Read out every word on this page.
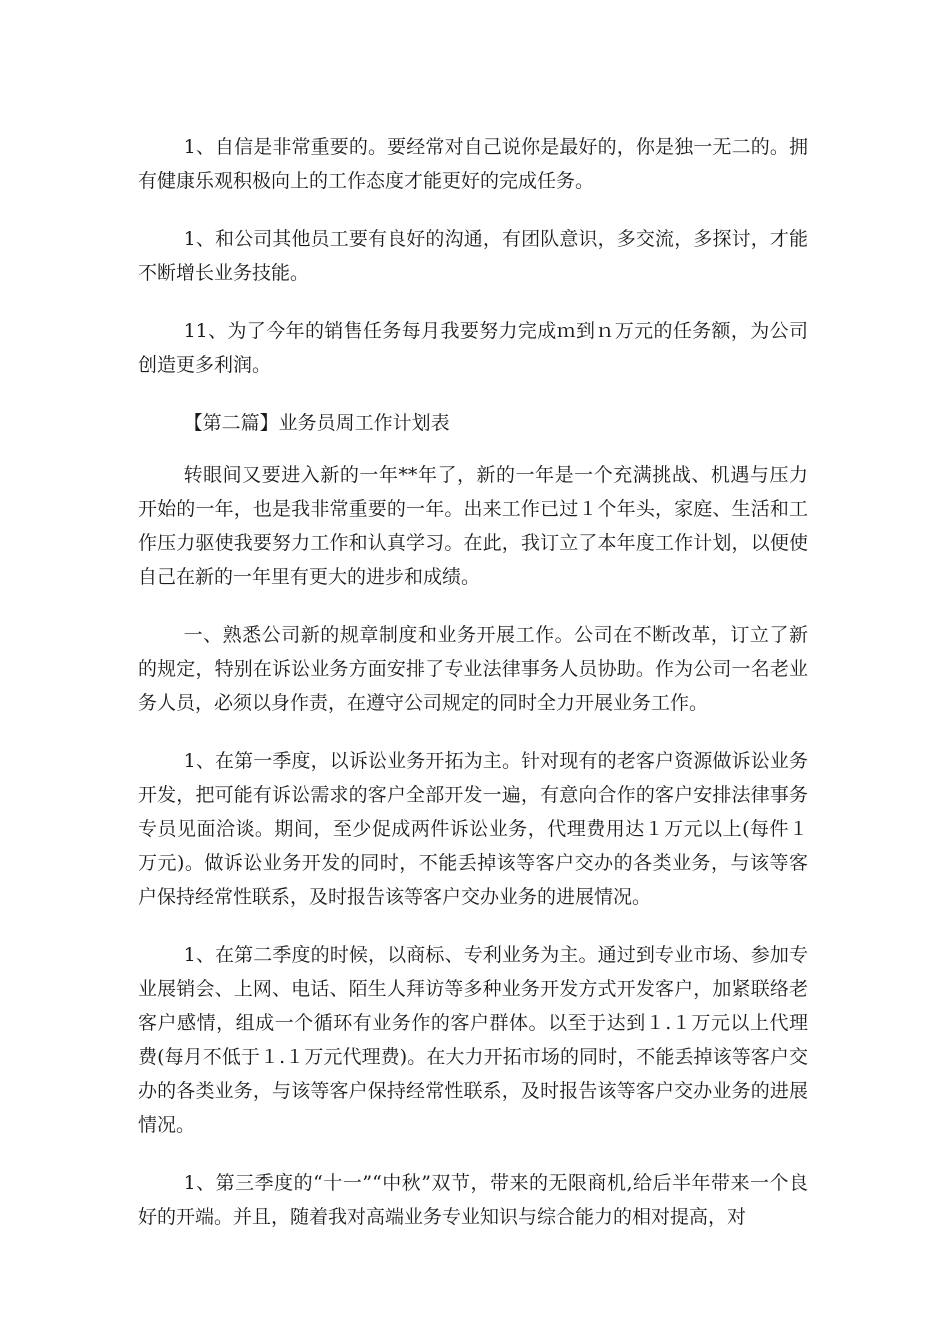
1、自信是非常重要的。要经常对自己说你是最好的，你是独一无二的。拥有健康乐观积极向上的工作态度才能更好的完成任务。

1、和公司其他员工要有良好的沟通，有团队意识，多交流，多探讨，才能不断增长业务技能。

11、为了今年的销售任务每月我要努力完成ｍ到ｎ万元的任务额，为公司创造更多利润。

【第二篇】业务员周工作计划表

转眼间又要进入新的一年**年了，新的一年是一个充满挑战、机遇与压力开始的一年，也是我非常重要的一年。出来工作已过１个年头，家庭、生活和工作压力驱使我要努力工作和认真学习。在此，我订立了本年度工作计划，以便使自己在新的一年里有更大的进步和成绩。

一、熟悉公司新的规章制度和业务开展工作。公司在不断改革，订立了新的规定，特别在诉讼业务方面安排了专业法律事务人员协助。作为公司一名老业务人员，必须以身作责，在遵守公司规定的同时全力开展业务工作。

1、在第一季度，以诉讼业务开拓为主。针对现有的老客户资源做诉讼业务开发，把可能有诉讼需求的客户全部开发一遍，有意向合作的客户安排法律事务专员见面洽谈。期间，至少促成两件诉讼业务，代理费用达１万元以上(每件１万元)。做诉讼业务开发的同时，不能丢掉该等客户交办的各类业务，与该等客户保持经常性联系，及时报告该等客户交办业务的进展情况。

1、在第二季度的时候，以商标、专利业务为主。通过到专业市场、参加专业展销会、上网、电话、陌生人拜访等多种业务开发方式开发客户，加紧联络老客户感情，组成一个循环有业务作的客户群体。以至于达到１.１万元以上代理费(每月不低于１.１万元代理费)。在大力开拓市场的同时，不能丢掉该等客户交办的各类业务，与该等客户保持经常性联系，及时报告该等客户交办业务的进展情况。

1、第三季度的“十一”“中秋”双节，带来的无限商机,给后半年带来一个良好的开端。并且，随着我对高端业务专业知识与综合能力的相对提高，对
